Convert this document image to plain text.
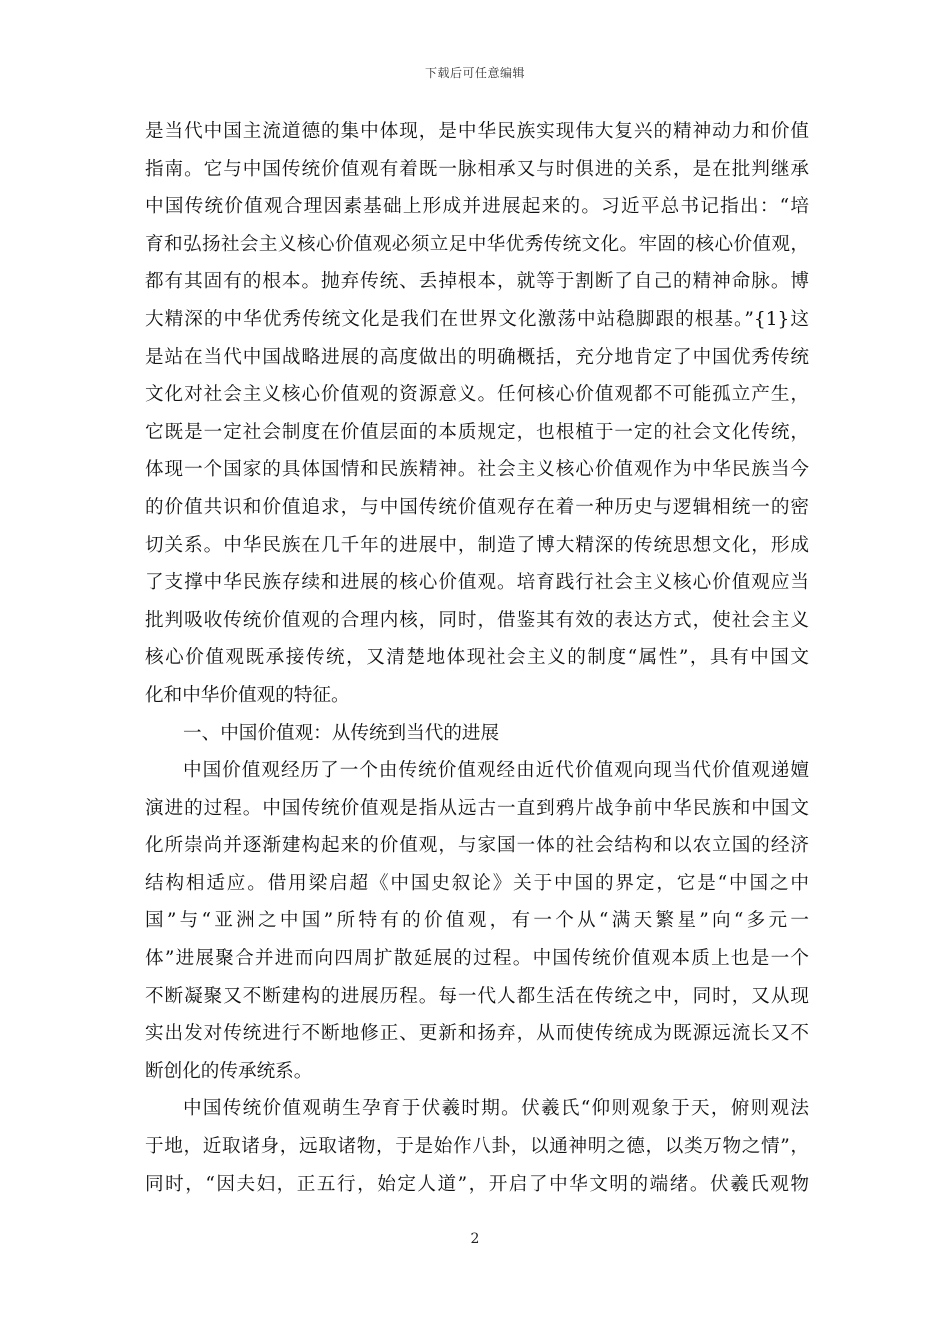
下载后可任意编辑
是当代中国主流道德的集中体现，是中华民族实现伟大复兴的精神动力和价值
指南。它与中国传统价值观有着既一脉相承又与时俱进的关系，是在批判继承
中国传统价值观合理因素基础上形成并进展起来的。习近平总书记指出：“培
育和弘扬社会主义核心价值观必须立足中华优秀传统文化。牢固的核心价值观，
都有其固有的根本。抛弃传统、丢掉根本，就等于割断了自己的精神命脉。博
大精深的中华优秀传统文化是我们在世界文化激荡中站稳脚跟的根基。”{1}这
是站在当代中国战略进展的高度做出的明确概括，充分地肯定了中国优秀传统
文化对社会主义核心价值观的资源意义。任何核心价值观都不可能孤立产生，
它既是一定社会制度在价值层面的本质规定，也根植于一定的社会文化传统，
体现一个国家的具体国情和民族精神。社会主义核心价值观作为中华民族当今
的价值共识和价值追求，与中国传统价值观存在着一种历史与逻辑相统一的密
切关系。中华民族在几千年的进展中，制造了博大精深的传统思想文化，形成
了支撑中华民族存续和进展的核心价值观。培育践行社会主义核心价值观应当
批判吸收传统价值观的合理内核，同时，借鉴其有效的表达方式，使社会主义
核心价值观既承接传统，又清楚地体现社会主义的制度“属性”，具有中国文
化和中华价值观的特征。
一、中国价值观：从传统到当代的进展
中国价值观经历了一个由传统价值观经由近代价值观向现当代价值观递嬗
演进的过程。中国传统价值观是指从远古一直到鸦片战争前中华民族和中国文
化所崇尚并逐渐建构起来的价值观，与家国一体的社会结构和以农立国的经济
结构相适应。借用梁启超《中国史叙论》关于中国的界定，它是“中国之中
国”与“亚洲之中国”所特有的价值观，有一个从“满天繁星”向“多元一
体”进展聚合并进而向四周扩散延展的过程。中国传统价值观本质上也是一个
不断凝聚又不断建构的进展历程。每一代人都生活在传统之中，同时，又从现
实出发对传统进行不断地修正、更新和扬弃，从而使传统成为既源远流长又不
断创化的传承统系。
中国传统价值观萌生孕育于伏羲时期。伏羲氏“仰则观象于天，俯则观法
于地，近取诸身，远取诸物，于是始作八卦，以通神明之德，以类万物之情”，
同时，“因夫妇，正五行，始定人道”，开启了中华文明的端绪。伏羲氏观物
2
